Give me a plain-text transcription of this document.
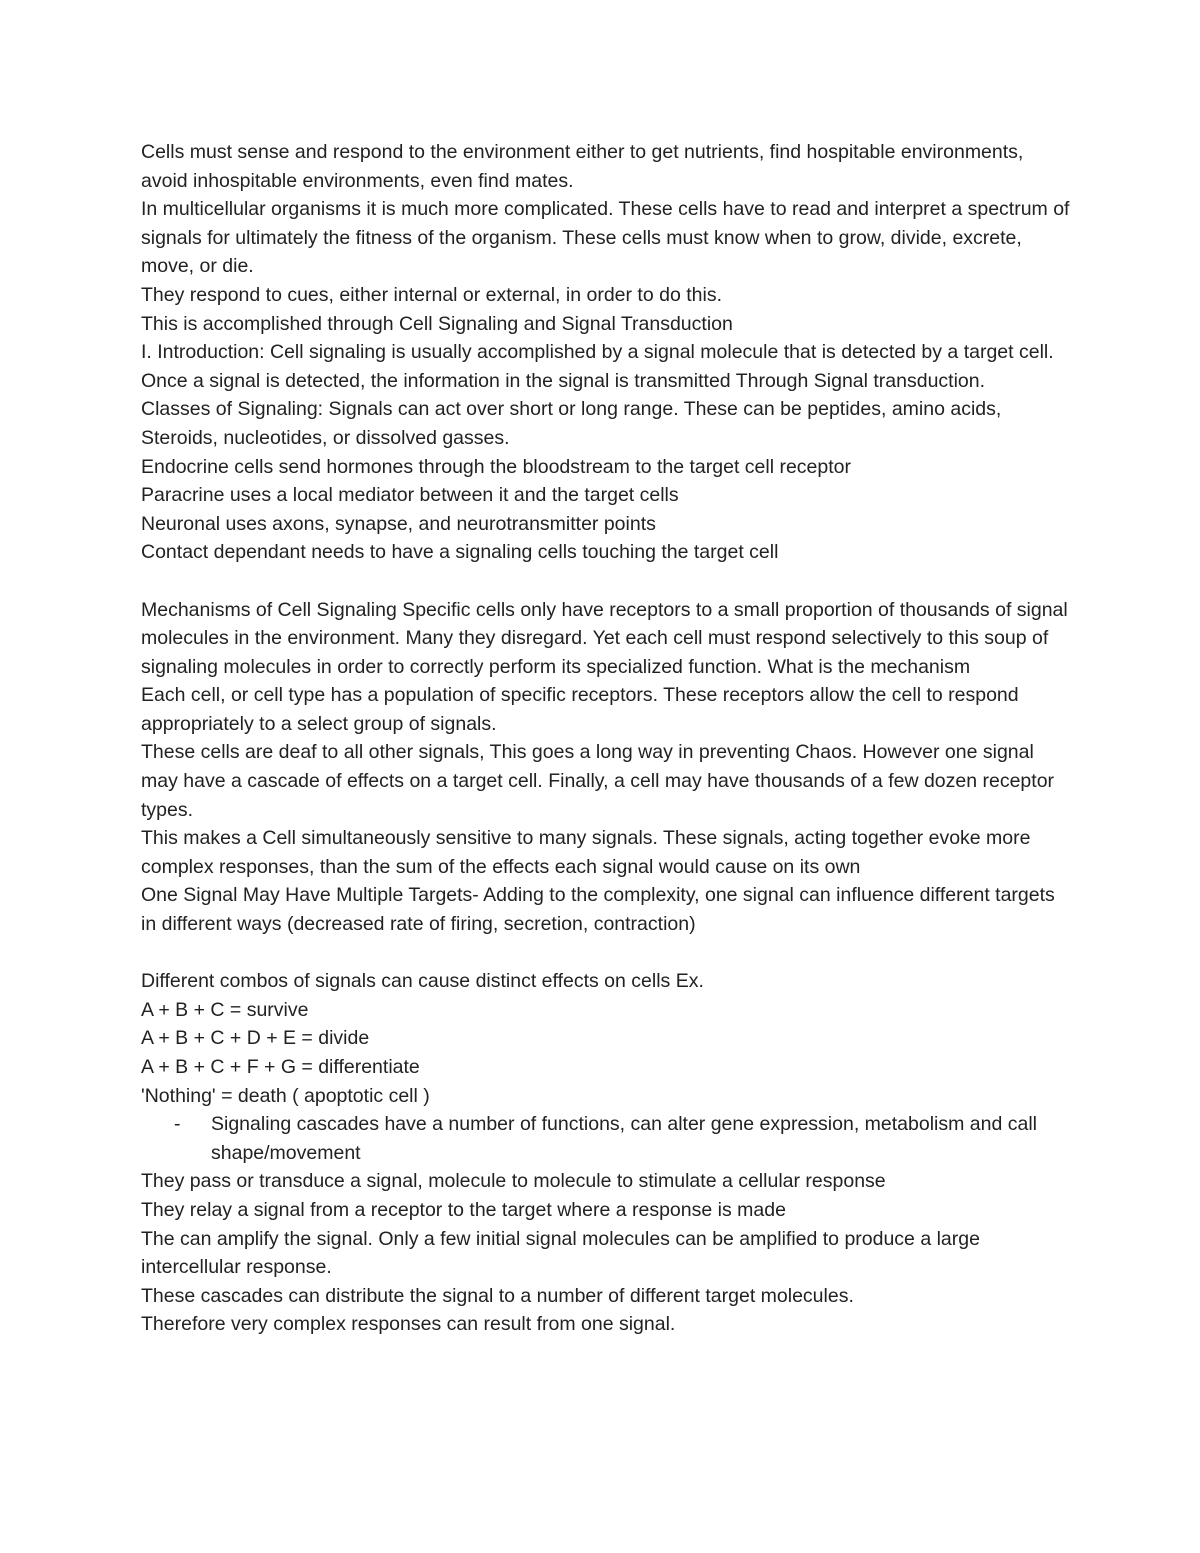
Cells must sense and respond to the environment either to get nutrients, find hospitable environments, avoid inhospitable environments, even find mates.

In multicellular organisms it is much more complicated. These cells have to read and interpret a spectrum of signals for ultimately the fitness of the organism. These cells must know when to grow, divide, excrete, move, or die.

They respond to cues, either internal or external, in order to do this.

This is accomplished through Cell Signaling and Signal Transduction

I. Introduction: Cell signaling is usually accomplished by a signal molecule that is detected by a target cell. Once a signal is detected, the information in the signal is transmitted Through Signal transduction.

Classes of Signaling: Signals can act over short or long range. These can be peptides, amino acids, Steroids, nucleotides, or dissolved gasses.

Endocrine cells send hormones through the bloodstream to the target cell receptor

Paracrine uses a local mediator between it and the target cells

Neuronal uses axons, synapse, and neurotransmitter points

Contact dependant needs to have a signaling cells touching the target cell

Mechanisms of Cell Signaling Specific cells only have receptors to a small proportion of thousands of signal molecules in the environment. Many they disregard. Yet each cell must respond selectively to this soup of signaling molecules in order to correctly perform its specialized function. What is the mechanism

Each cell, or cell type has a population of specific receptors. These receptors allow the cell to respond appropriately to a select group of signals.

These cells are deaf to all other signals, This goes a long way in preventing Chaos. However one signal may have a cascade of effects on a target cell. Finally, a cell may have thousands of a few dozen receptor types.

This makes a Cell simultaneously sensitive to many signals. These signals, acting together evoke more complex responses, than the sum of the effects each signal would cause on its own

One Signal May Have Multiple Targets- Adding to the complexity, one signal can influence different targets in different ways (decreased rate of firing, secretion, contraction)

Different combos of signals can cause distinct effects on cells Ex.

A + B + C = survive

A + B + C + D + E = divide

A + B + C + F + G = differentiate

'Nothing' = death ( apoptotic cell )

-	Signaling cascades have a number of functions, can alter gene expression, metabolism and call shape/movement

They pass or transduce a signal, molecule to molecule to stimulate a cellular response

They relay a signal from a receptor to the target where a response is made

The can amplify the signal. Only a few initial signal molecules can be amplified to produce a large intercellular response.

These cascades can distribute the signal to a number of different target molecules.

Therefore very complex responses can result from one signal.
